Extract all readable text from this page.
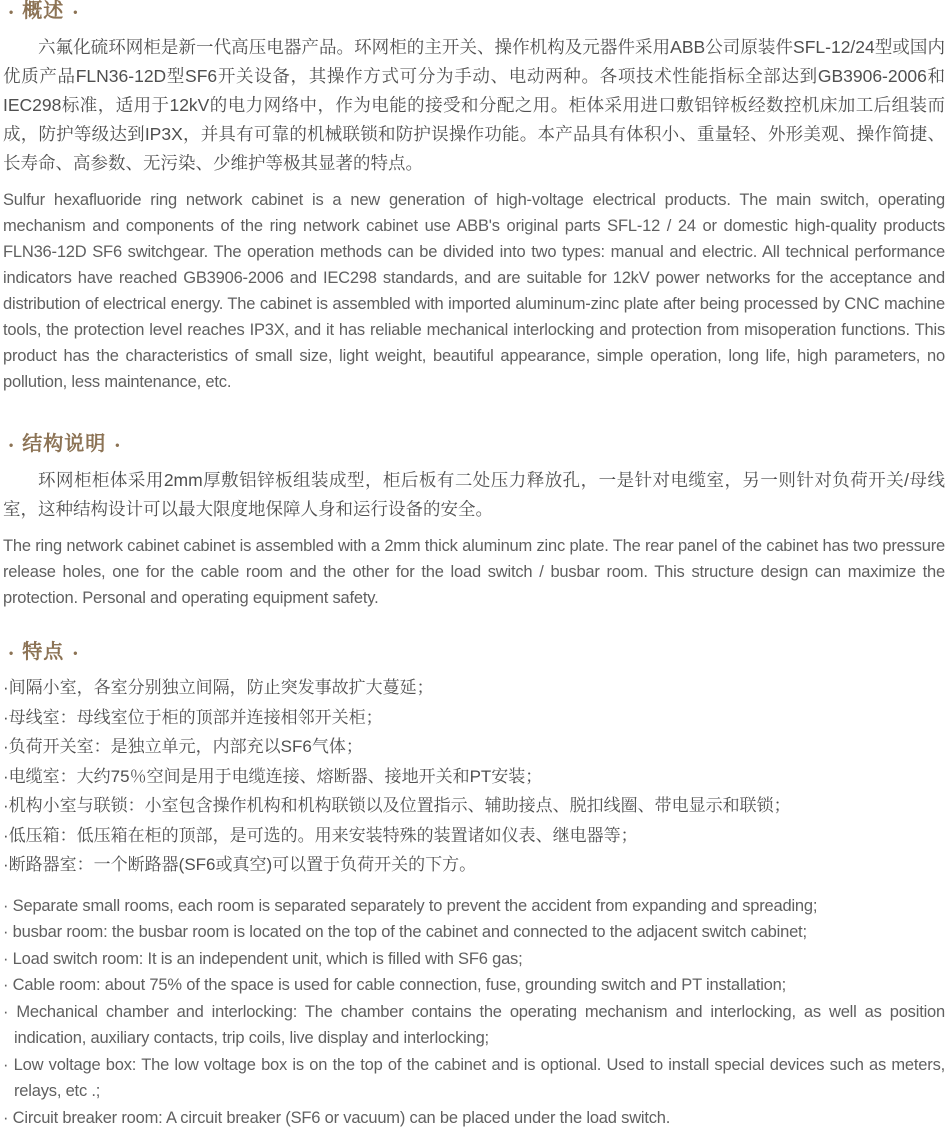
• 概述 •

六氟化硫环网柜是新一代高压电器产品。环网柜的主开关、操作机构及元器件采用ABB公司原装件SFL-12/24型或国内优质产品FLN36-12D型SF6开关设备，其操作方式可分为手动、电动两种。各项技术性能指标全部达到GB3906-2006和IEC298标准，适用于12kV的电力网络中，作为电能的接受和分配之用。柜体采用进口敷铝锌板经数控机床加工后组装而成，防护等级达到IP3X，并具有可靠的机械联锁和防护误操作功能。本产品具有体积小、重量轻、外形美观、操作简捷、长寿命、高参数、无污染、少维护等极其显著的特点。

Sulfur hexafluoride ring network cabinet is a new generation of high-voltage electrical products. The main switch, operating mechanism and components of the ring network cabinet use ABB's original parts SFL-12 / 24 or domestic high-quality products FLN36-12D SF6 switchgear. The operation methods can be divided into two types: manual and electric. All technical performance indicators have reached GB3906-2006 and IEC298 standards, and are suitable for 12kV power networks for the acceptance and distribution of electrical energy. The cabinet is assembled with imported aluminum-zinc plate after being processed by CNC machine tools, the protection level reaches IP3X, and it has reliable mechanical interlocking and protection from misoperation functions. This product has the characteristics of small size, light weight, beautiful appearance, simple operation, long life, high parameters, no pollution, less maintenance, etc.

• 结构说明 •

环网柜柜体采用2mm厚敷铝锌板组装成型，柜后板有二处压力释放孔，一是针对电缆室，另一则针对负荷开关/母线室，这种结构设计可以最大限度地保障人身和运行设备的安全。

The ring network cabinet cabinet is assembled with a 2mm thick aluminum zinc plate. The rear panel of the cabinet has two pressure release holes, one for the cable room and the other for the load switch / busbar room. This structure design can maximize the protection. Personal and operating equipment safety.

• 特点 •
·间隔小室，各室分别独立间隔，防止突发事故扩大蔓延；
·母线室：母线室位于柜的顶部并连接相邻开关柜；
·负荷开关室：是独立单元，内部充以SF6气体；
·电缆室：大约75％空间是用于电缆连接、熔断器、接地开关和PT安装；
·机构小室与联锁：小室包含操作机构和机构联锁以及位置指示、辅助接点、脱扣线圈、带电显示和联锁；
·低压箱：低压箱在柜的顶部，是可选的。用来安装特殊的装置诸如仪表、继电器等；
·断路器室：一个断路器(SF6或真空)可以置于负荷开关的下方。
· Separate small rooms, each room is separated separately to prevent the accident from expanding and spreading;
· busbar room: the busbar room is located on the top of the cabinet and connected to the adjacent switch cabinet;
· Load switch room: It is an independent unit, which is filled with SF6 gas;
· Cable room: about 75% of the space is used for cable connection, fuse, grounding switch and PT installation;
· Mechanical chamber and interlocking: The chamber contains the operating mechanism and interlocking, as well as position indication, auxiliary contacts, trip coils, live display and interlocking;
· Low voltage box: The low voltage box is on the top of the cabinet and is optional. Used to install special devices such as meters, relays, etc .;
· Circuit breaker room: A circuit breaker (SF6 or vacuum) can be placed under the load switch.
